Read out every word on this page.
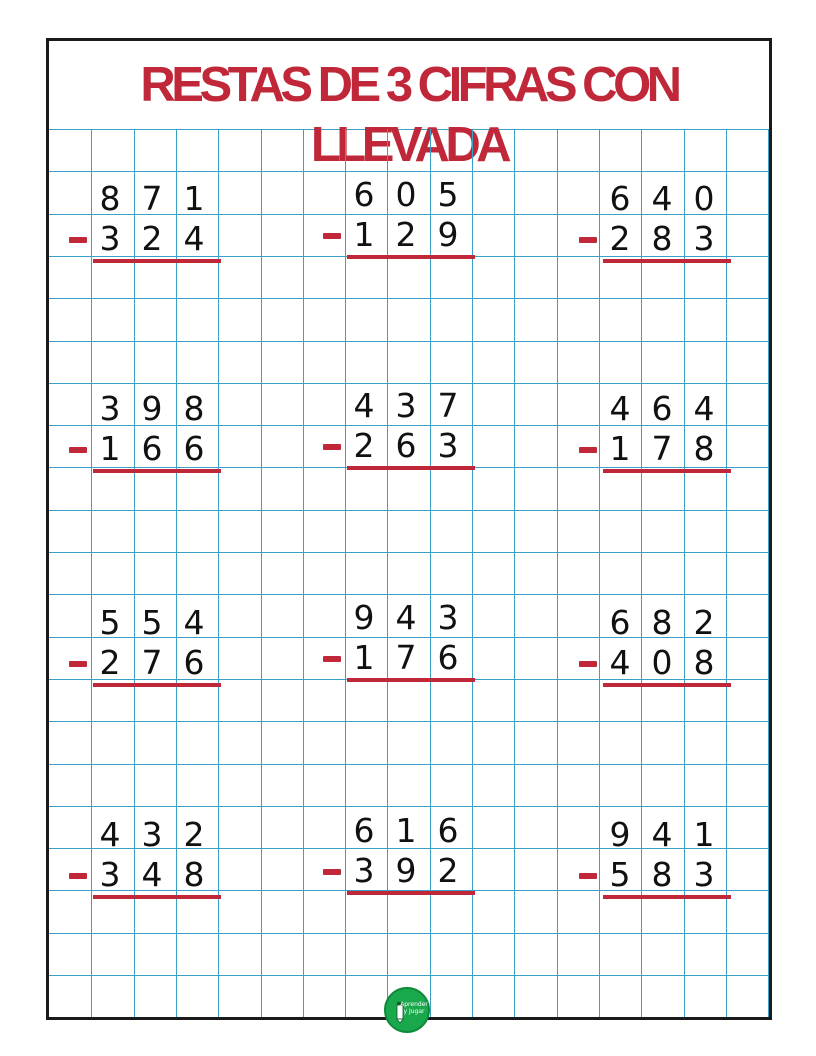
RESTAS DE 3 CIFRAS CON LLEVADA
8 7 1
3 2 4
6 0 5
1 2 9
6 4 0
2 8 3
3 9 8
1 6 6
4 3 7
2 6 3
4 6 4
1 7 8
5 5 4
2 7 6
9 4 3
1 7 6
6 8 2
4 0 8
4 3 2
3 4 8
6 1 6
3 9 2
9 4 1
5 8 3
Aprender y Jugar
